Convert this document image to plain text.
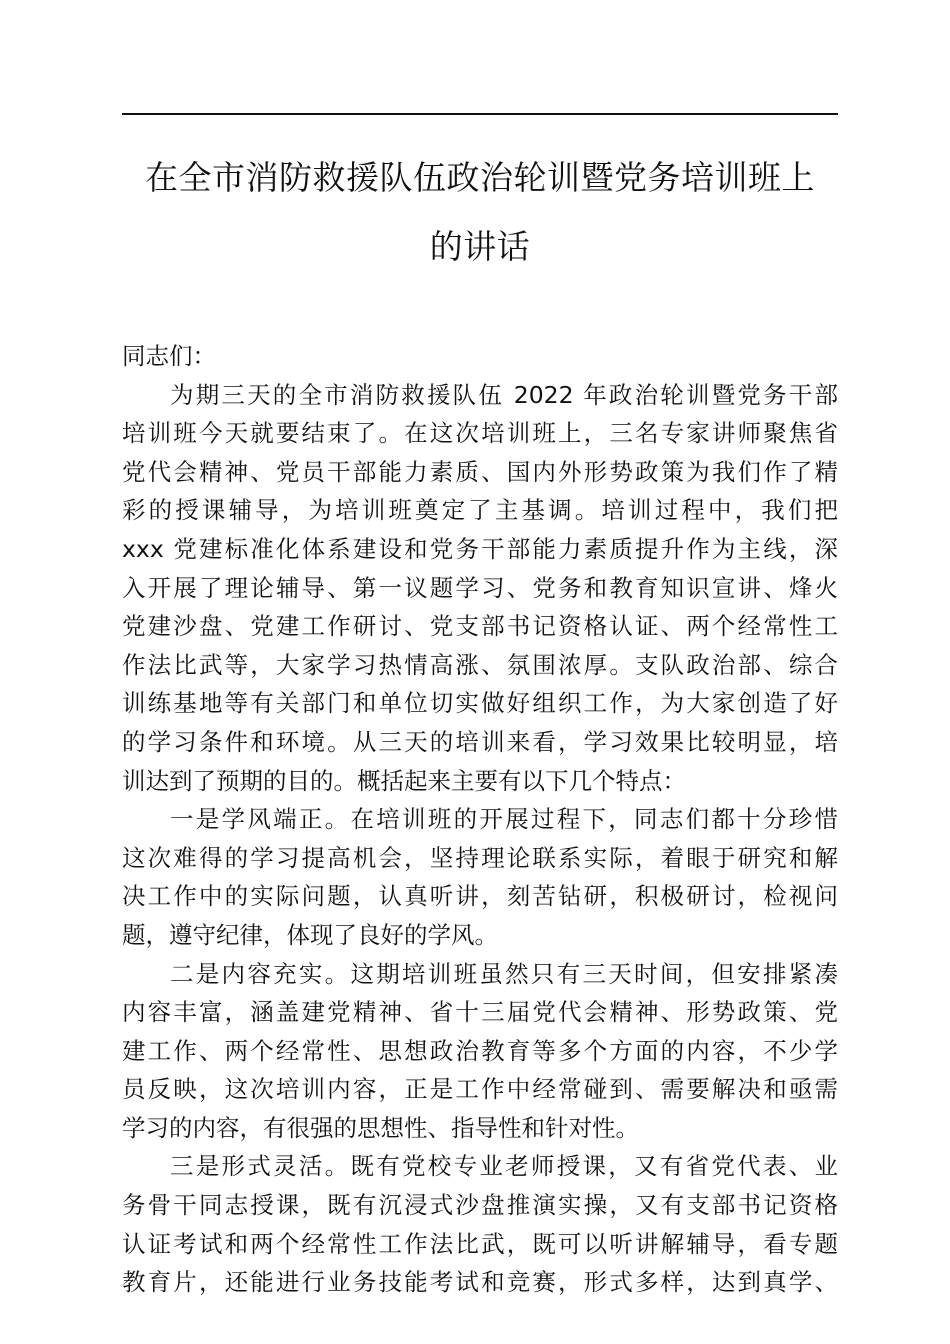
在全市消防救援队伍政治轮训暨党务培训班上
的讲话
同志们：
为期三天的全市消防救援队伍 2022 年政治轮训暨党务干部
培训班今天就要结束了。在这次培训班上，三名专家讲师聚焦省
党代会精神、党员干部能力素质、国内外形势政策为我们作了精
彩的授课辅导，为培训班奠定了主基调。培训过程中，我们把
xxx 党建标准化体系建设和党务干部能力素质提升作为主线，深
入开展了理论辅导、第一议题学习、党务和教育知识宣讲、烽火
党建沙盘、党建工作研讨、党支部书记资格认证、两个经常性工
作法比武等，大家学习热情高涨、氛围浓厚。支队政治部、综合
训练基地等有关部门和单位切实做好组织工作，为大家创造了好
的学习条件和环境。从三天的培训来看，学习效果比较明显，培
训达到了预期的目的。概括起来主要有以下几个特点：
一是学风端正。在培训班的开展过程下，同志们都十分珍惜
这次难得的学习提高机会，坚持理论联系实际，着眼于研究和解
决工作中的实际问题，认真听讲，刻苦钻研，积极研讨，检视问
题，遵守纪律，体现了良好的学风。
二是内容充实。这期培训班虽然只有三天时间，但安排紧凑
内容丰富，涵盖建党精神、省十三届党代会精神、形势政策、党
建工作、两个经常性、思想政治教育等多个方面的内容，不少学
员反映，这次培训内容，正是工作中经常碰到、需要解决和亟需
学习的内容，有很强的思想性、指导性和针对性。
三是形式灵活。既有党校专业老师授课，又有省党代表、业
务骨干同志授课，既有沉浸式沙盘推演实操，又有支部书记资格
认证考试和两个经常性工作法比武，既可以听讲解辅导，看专题
教育片，还能进行业务技能考试和竞赛，形式多样，达到真学、
